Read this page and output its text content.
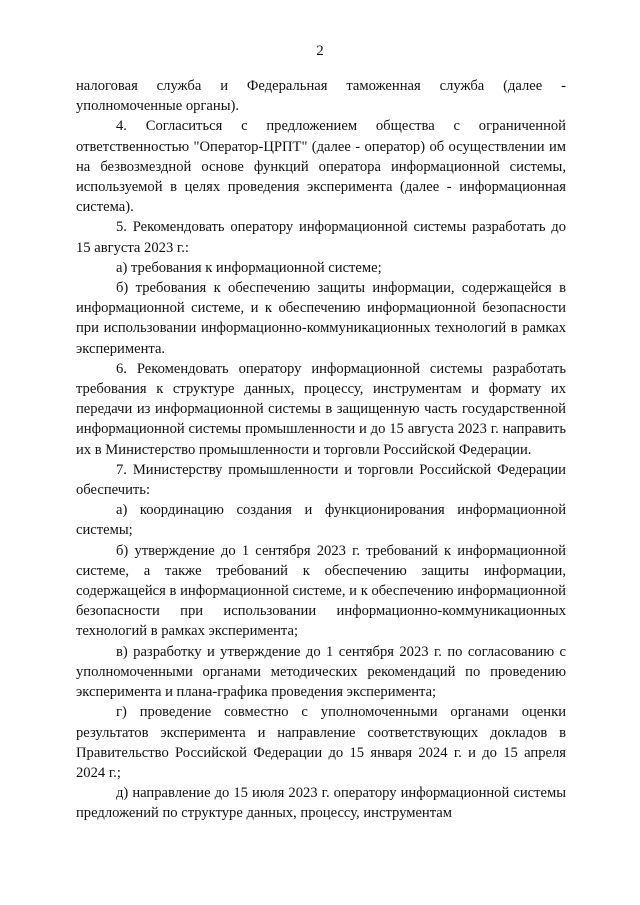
2

налоговая служба и Федеральная таможенная служба (далее - уполномоченные органы).

4. Согласиться с предложением общества с ограниченной ответственностью "Оператор-ЦРПТ" (далее - оператор) об осуществлении им на безвозмездной основе функций оператора информационной системы, используемой в целях проведения эксперимента (далее - информационная система).

5. Рекомендовать оператору информационной системы разработать до 15 августа 2023 г.:

а) требования к информационной системе;

б) требования к обеспечению защиты информации, содержащейся в информационной системе, и к обеспечению информационной безопасности при использовании информационно-коммуникационных технологий в рамках эксперимента.

6. Рекомендовать оператору информационной системы разработать требования к структуре данных, процессу, инструментам и формату их передачи из информационной системы в защищенную часть государственной информационной системы промышленности и до 15 августа 2023 г. направить их в Министерство промышленности и торговли Российской Федерации.

7. Министерству промышленности и торговли Российской Федерации обеспечить:

а) координацию создания и функционирования информационной системы;

б) утверждение до 1 сентября 2023 г. требований к информационной системе, а также требований к обеспечению защиты информации, содержащейся в информационной системе, и к обеспечению информационной безопасности при использовании информационно-коммуникационных технологий в рамках эксперимента;

в) разработку и утверждение до 1 сентября 2023 г. по согласованию с уполномоченными органами методических рекомендаций по проведению эксперимента и плана-графика проведения эксперимента;

г) проведение совместно с уполномоченными органами оценки результатов эксперимента и направление соответствующих докладов в Правительство Российской Федерации до 15 января 2024 г. и до 15 апреля 2024 г.;

д) направление до 15 июля 2023 г. оператору информационной системы предложений по структуре данных, процессу, инструментам
